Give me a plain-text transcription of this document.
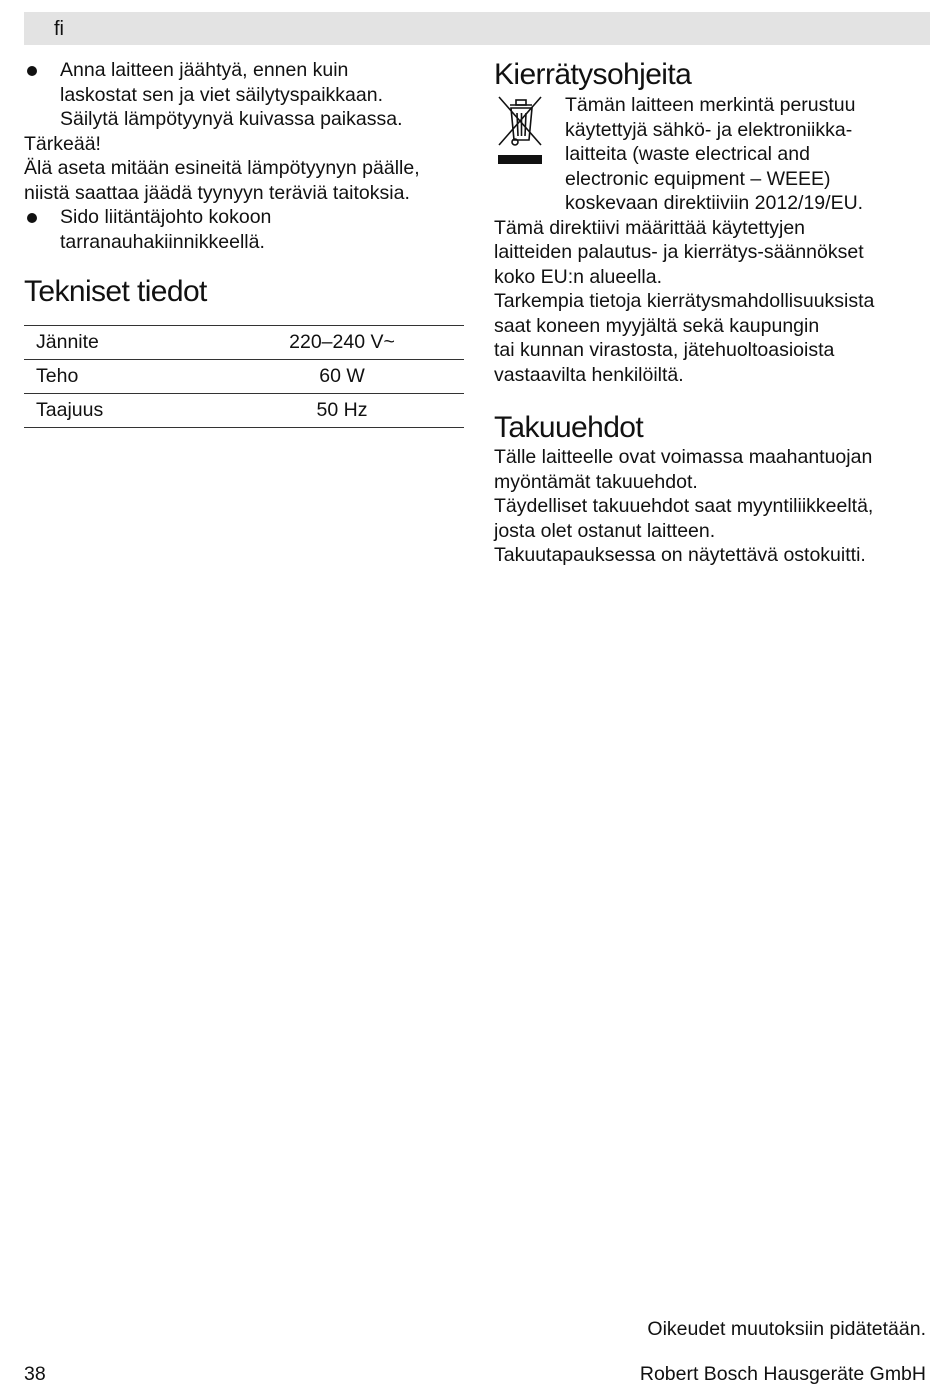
fi
Anna laitteen jäähtyä, ennen kuin
laskostat sen ja viet säilytyspaikkaan.
Säilytä lämpötyynyä kuivassa paikassa.

Tärkeää!

Älä aseta mitään esineitä lämpötyynyn päälle,
niistä saattaa jäädä tyynyyn teräviä taitoksia.

Sido liitäntäjohto kokoon
tarranauhakiinnikkeellä.
Tekniset tiedot
Jännite	220–240 V~
Teho	60 W
Taajuus	50 Hz
Kierrätysohjeita

Tämän laitteen merkintä perustuu

käytettyjä sähkö- ja elektroniikka-

laitteita (waste electrical and

electronic equipment – WEEE)

koskevaan direktiiviin 2012/19/EU.

Tämä direktiivi määrittää käytettyjen

laitteiden palautus- ja kierrätys-säännökset

koko EU:n alueella.

Tarkempia tietoja kierrätysmahdollisuuksista

saat koneen myyjältä sekä kaupungin

tai kunnan virastosta, jätehuoltoasioista

vastaavilta henkilöiltä.

Takuuehdot

Tälle laitteelle ovat voimassa maahantuojan

myöntämät takuuehdot.

Täydelliset takuuehdot saat myyntiliikkeeltä,

josta olet ostanut laitteen.

Takuutapauksessa on näytettävä ostokuitti.

Oikeudet muutoksiin pidätetään.
38	Robert Bosch Hausgeräte GmbH
